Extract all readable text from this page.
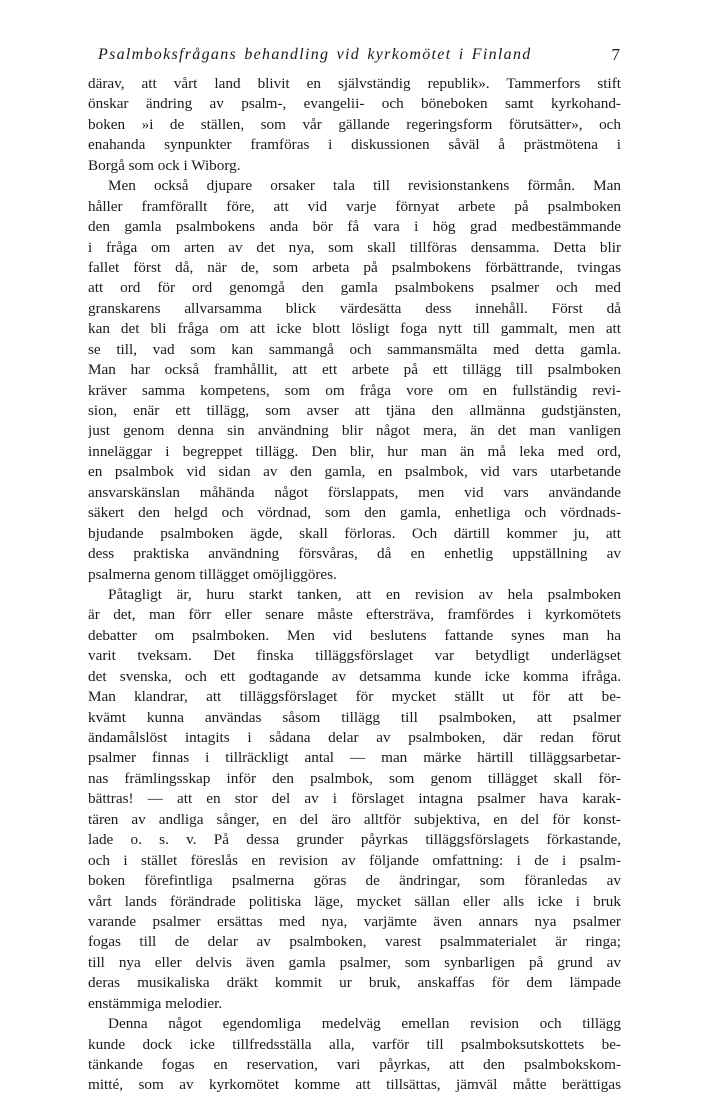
Psalmboksfrågans behandling vid kyrkomötet i Finland	7
därav, att vårt land blivit en självständig republik». Tammerfors stift
önskar ändring av psalm-, evangelii- och böneboken samt kyrkohand-
boken »i de ställen, som vår gällande regeringsform förutsätter», och
enahanda synpunkter framföras i diskussionen såväl å prästmötena i
Borgå som ock i Wiborg.
Men också djupare orsaker tala till revisionstankens förmån. Man
håller framförallt före, att vid varje förnyat arbete på psalmboken
den gamla psalmbokens anda bör få vara i hög grad medbestämmande
i fråga om arten av det nya, som skall tillföras densamma. Detta blir
fallet först då, när de, som arbeta på psalmbokens förbättrande, tvingas
att ord för ord genomgå den gamla psalmbokens psalmer och med
granskarens allvarsamma blick värdesätta dess innehåll. Först då
kan det bli fråga om att icke blott lösligt foga nytt till gammalt, men att
se till, vad som kan sammangå och sammansmälta med detta gamla.
Man har också framhållit, att ett arbete på ett tillägg till psalmboken
kräver samma kompetens, som om fråga vore om en fullständig revi-
sion, enär ett tillägg, som avser att tjäna den allmänna gudstjänsten,
just genom denna sin användning blir något mera, än det man vanligen
inneläggar i begreppet tillägg. Den blir, hur man än må leka med ord,
en psalmbok vid sidan av den gamla, en psalmbok, vid vars utarbetande
ansvarskänslan måhända något förslappats, men vid vars användande
säkert den helgd och vördnad, som den gamla, enhetliga och vördnads-
bjudande psalmboken ägde, skall förloras. Och därtill kommer ju, att
dess praktiska användning försvåras, då en enhetlig uppställning av
psalmerna genom tillägget omöjliggöres.
Påtagligt är, huru starkt tanken, att en revision av hela psalmboken
är det, man förr eller senare måste eftersträva, framfördes i kyrkomötets
debatter om psalmboken. Men vid beslutens fattande synes man ha
varit tveksam. Det finska tilläggsförslaget var betydligt underlägset
det svenska, och ett godtagande av detsamma kunde icke komma ifråga.
Man klandrar, att tilläggsförslaget för mycket ställt ut för att be-
kvämt kunna användas såsom tillägg till psalmboken, att psalmer
ändamålslöst intagits i sådana delar av psalmboken, där redan förut
psalmer finnas i tillräckligt antal — man märke härtill tilläggsarbetar-
nas främlingsskap inför den psalmbok, som genom tillägget skall för-
bättras! — att en stor del av i förslaget intagna psalmer hava karak-
tären av andliga sånger, en del äro alltför subjektiva, en del för konst-
lade o. s. v. På dessa grunder påyrkas tilläggsförslagets förkastande,
och i stället föreslås en revision av följande omfattning: i de i psalm-
boken förefintliga psalmerna göras de ändringar, som föranledas av
vårt lands förändrade politiska läge, mycket sällan eller alls icke i bruk
varande psalmer ersättas med nya, varjämte även annars nya psalmer
fogas till de delar av psalmboken, varest psalmmaterialet är ringa;
till nya eller delvis även gamla psalmer, som synbarligen på grund av
deras musikaliska dräkt kommit ur bruk, anskaffas för dem lämpade
enstämmiga melodier.
Denna något egendomliga medelväg emellan revision och tillägg
kunde dock icke tillfredsställa alla, varför till psalmboksutskottets be-
tänkande fogas en reservation, vari påyrkas, att den psalmbokskom-
mitté, som av kyrkomötet komme att tillsättas, jämväl måtte berättigas
